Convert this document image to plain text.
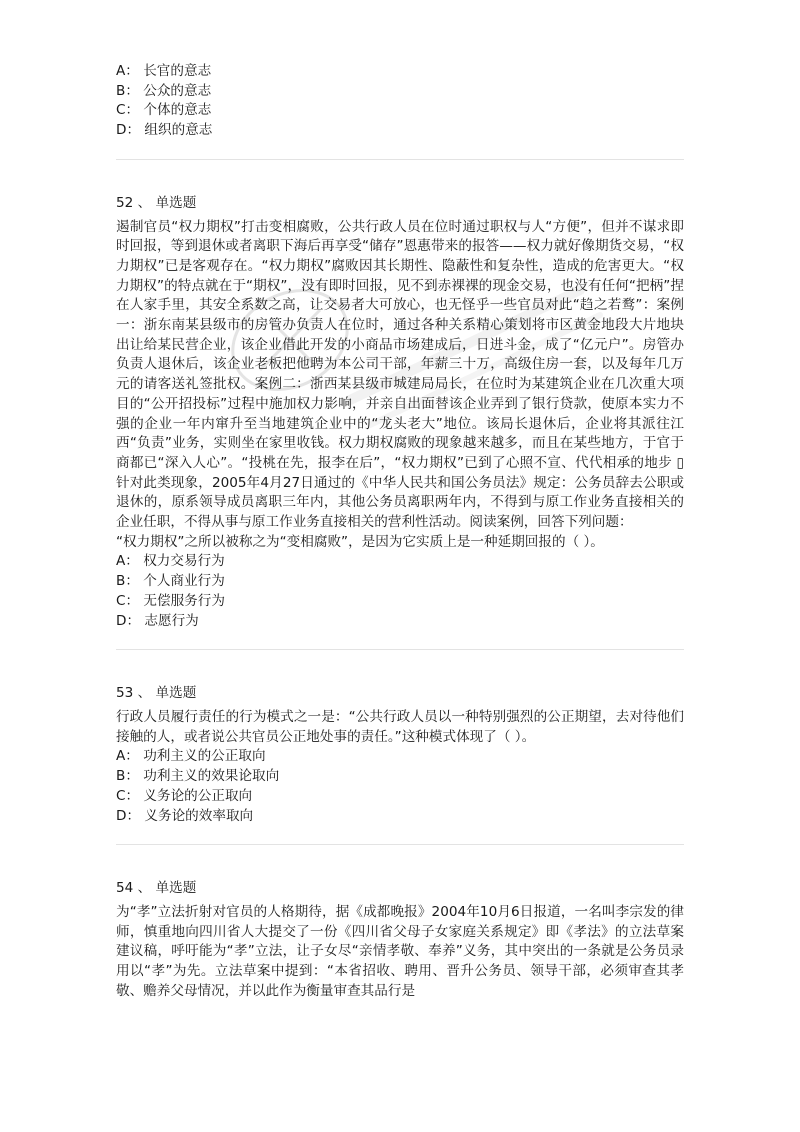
A： 长官的意志

B： 公众的意志

C： 个体的意志

D： 组织的意志

52 、 单选题

遏制官员“权力期权”打击变相腐败，公共行政人员在位时通过职权与人“方便”，但并不谋求即时回报，等到退休或者离职下海后再享受“储存”恩惠带来的报答——权力就好像期货交易，“权力期权”已是客观存在。“权力期权”腐败因其长期性、隐蔽性和复杂性，造成的危害更大。“权力期权”的特点就在于“期权”，没有即时回报，见不到赤裸裸的现金交易，也没有任何“把柄”捏在人家手里，其安全系数之高，让交易者大可放心，也无怪乎一些官员对此“趋之若鹜”：案例一：浙东南某县级市的房管办负责人在位时，通过各种关系精心策划将市区黄金地段大片地块出让给某民营企业，该企业借此开发的小商品市场建成后，日进斗金，成了“亿元户”。房管办负责人退休后，该企业老板把他聘为本公司干部，年薪三十万，高级住房一套，以及每年几万元的请客送礼签批权。案例二：浙西某县级市城建局局长，在位时为某建筑企业在几次重大项目的“公开招投标”过程中施加权力影响，并亲自出面替该企业弄到了银行贷款，使原本实力不强的企业一年内窜升至当地建筑企业中的“龙头老大”地位。该局长退休后，企业将其派往江西“负责”业务，实则坐在家里收钱。权力期权腐败的现象越来越多，而且在某些地方，于官于商都已“深入人心”。“投桃在先，报李在后”，“权力期权”已到了心照不宣、代代相承的地步 ▯ 针对此类现象，2005年4月27日通过的《中华人民共和国公务员法》规定：公务员辞去公职或退休的，原系领导成员离职三年内，其他公务员离职两年内，不得到与原工作业务直接相关的企业任职，不得从事与原工作业务直接相关的营利性活动。阅读案例，回答下列问题：

“权力期权”之所以被称之为“变相腐败”，是因为它实质上是一种延期回报的（ ）。

A： 权力交易行为

B： 个人商业行为

C： 无偿服务行为

D： 志愿行为

53 、 单选题

行政人员履行责任的行为模式之一是：“公共行政人员以一种特别强烈的公正期望，去对待他们接触的人，或者说公共官员公正地处事的责任。”这种模式体现了（ ）。

A： 功利主义的公正取向

B： 功利主义的效果论取向

C： 义务论的公正取向

D： 义务论的效率取向

54 、 单选题

为“孝”立法折射对官员的人格期待，据《成都晚报》2004年10月6日报道，一名叫李宗发的律师，慎重地向四川省人大提交了一份《四川省父母子女家庭关系规定》即《孝法》的立法草案建议稿，呼吁能为“孝”立法，让子女尽“亲情孝敬、奉养”义务，其中突出的一条就是公务员录用以“孝”为先。立法草案中提到：“本省招收、聘用、晋升公务员、领导干部，必须审查其孝敬、赡养父母情况，并以此作为衡量审查其品行是
